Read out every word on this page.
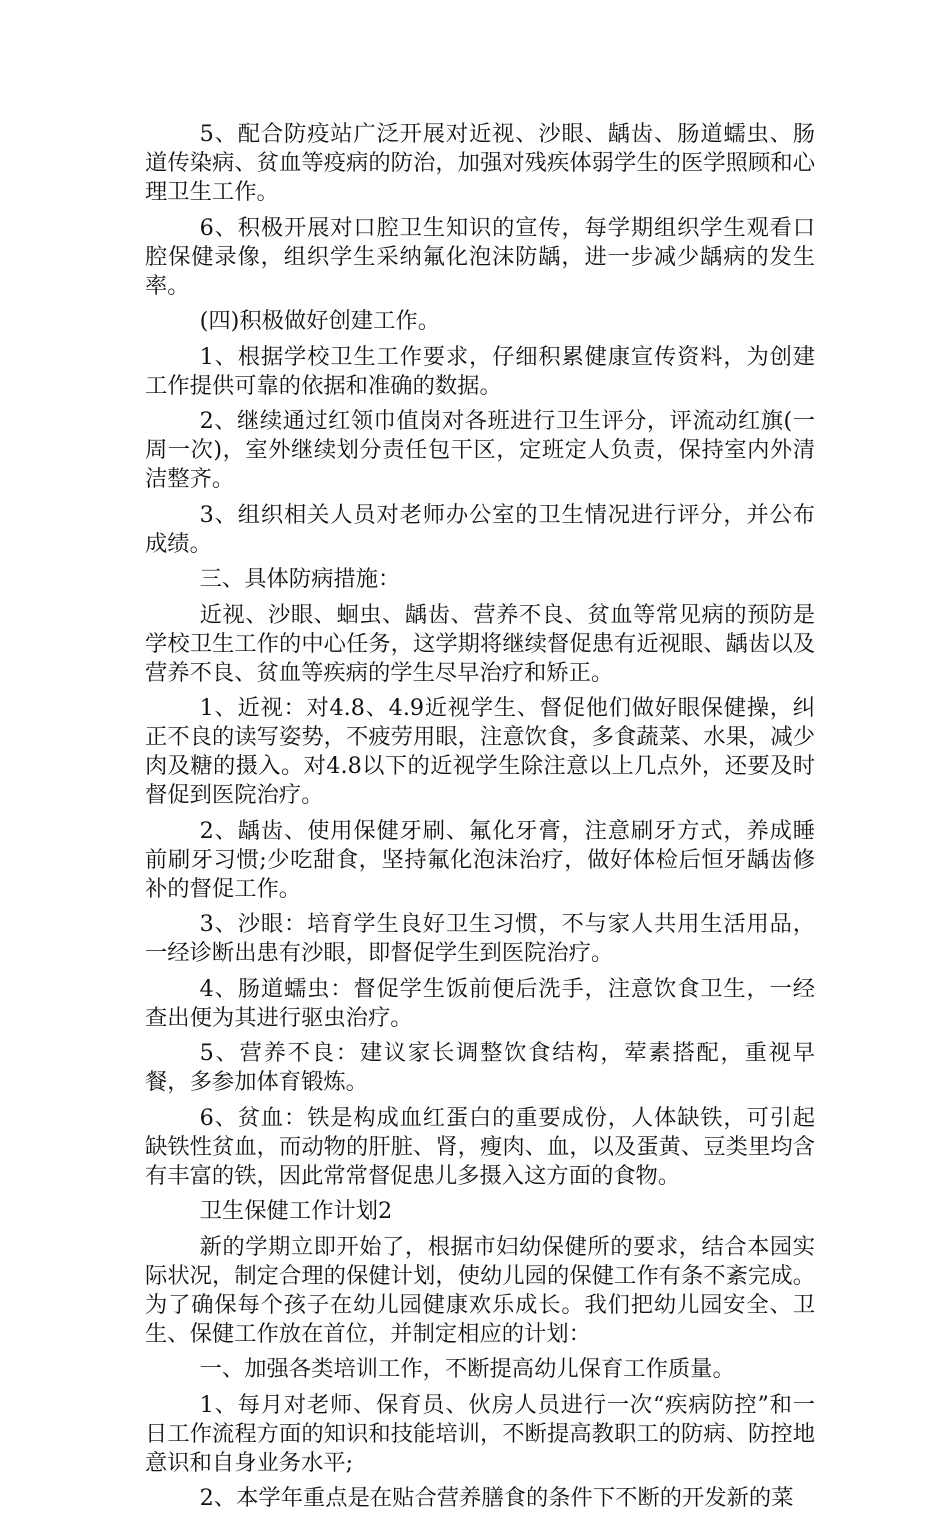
5、配合防疫站广泛开展对近视、沙眼、龋齿、肠道蠕虫、肠道传染病、贫血等疫病的防治，加强对残疾体弱学生的医学照顾和心理卫生工作。

6、积极开展对口腔卫生知识的宣传，每学期组织学生观看口腔保健录像，组织学生采纳氟化泡沫防龋，进一步减少龋病的发生率。

(四)积极做好创建工作。

1、根据学校卫生工作要求，仔细积累健康宣传资料，为创建工作提供可靠的依据和准确的数据。

2、继续通过红领巾值岗对各班进行卫生评分，评流动红旗(一周一次)，室外继续划分责任包干区，定班定人负责，保持室内外清洁整齐。

3、组织相关人员对老师办公室的卫生情况进行评分，并公布成绩。

三、具体防病措施：

近视、沙眼、蛔虫、龋齿、营养不良、贫血等常见病的预防是学校卫生工作的中心任务，这学期将继续督促患有近视眼、龋齿以及营养不良、贫血等疾病的学生尽早治疗和矫正。

1、近视：对4.8、4.9近视学生、督促他们做好眼保健操，纠正不良的读写姿势，不疲劳用眼，注意饮食，多食蔬菜、水果，减少肉及糖的摄入。对4.8以下的近视学生除注意以上几点外，还要及时督促到医院治疗。

2、龋齿、使用保健牙刷、氟化牙膏，注意刷牙方式，养成睡前刷牙习惯;少吃甜食，坚持氟化泡沫治疗，做好体检后恒牙龋齿修补的督促工作。

3、沙眼：培育学生良好卫生习惯，不与家人共用生活用品，一经诊断出患有沙眼，即督促学生到医院治疗。

4、肠道蠕虫：督促学生饭前便后洗手，注意饮食卫生，一经查出便为其进行驱虫治疗。

5、营养不良：建议家长调整饮食结构，荤素搭配，重视早餐，多参加体育锻炼。

6、贫血：铁是构成血红蛋白的重要成份，人体缺铁，可引起缺铁性贫血，而动物的肝脏、肾，瘦肉、血，以及蛋黄、豆类里均含有丰富的铁，因此常常督促患儿多摄入这方面的食物。

卫生保健工作计划2

新的学期立即开始了，根据市妇幼保健所的要求，结合本园实际状况，制定合理的保健计划，使幼儿园的保健工作有条不紊完成。为了确保每个孩子在幼儿园健康欢乐成长。我们把幼儿园安全、卫生、保健工作放在首位，并制定相应的计划：

一、加强各类培训工作，不断提高幼儿保育工作质量。

1、每月对老师、保育员、伙房人员进行一次“疾病防控”和一日工作流程方面的知识和技能培训，不断提高教职工的防病、防控地意识和自身业务水平;

2、本学年重点是在贴合营养膳食的条件下不断的开发新的菜
